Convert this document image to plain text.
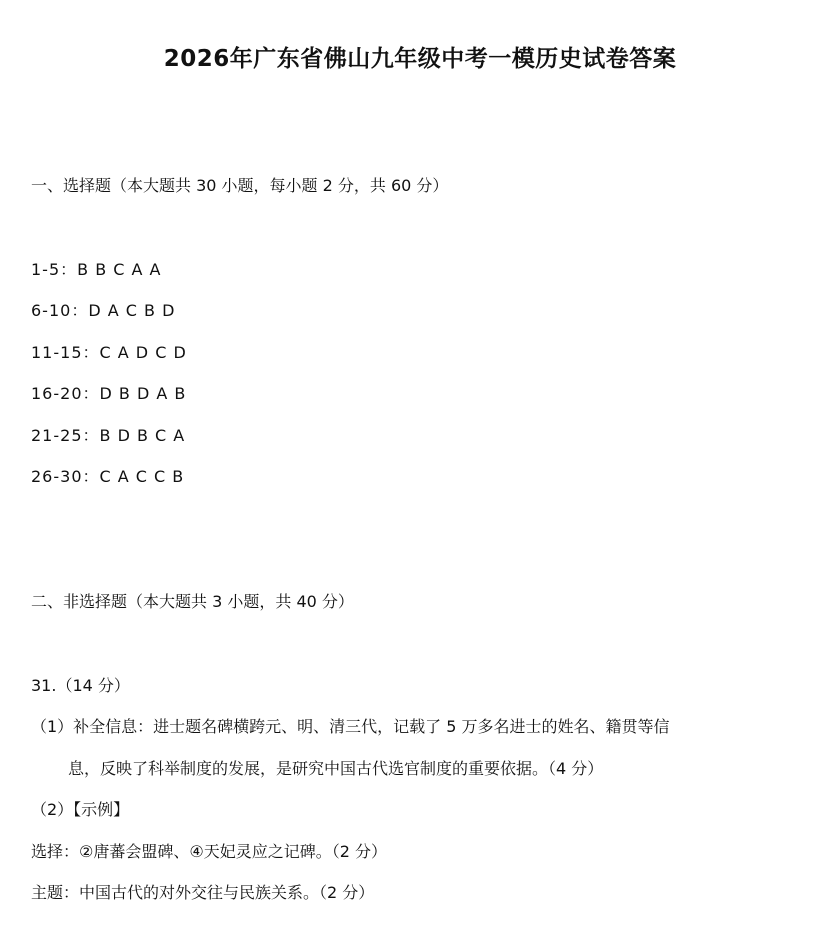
2026年广东省佛山九年级中考一模历史试卷答案
一、选择题（本大题共 30 小题，每小题 2 分，共 60 分）
1-5：B B C A A
6-10：D A C B D
11-15：C A D C D
16-20：D B D A B
21-25：B D B C A
26-30：C A C C B
二、非选择题（本大题共 3 小题，共 40 分）
31.（14 分）
（1）补全信息：进士题名碑横跨元、明、清三代，记载了 5 万多名进士的姓名、籍贯等信
息，反映了科举制度的发展，是研究中国古代选官制度的重要依据。（4 分）
（2）【示例】
选择：②唐蕃会盟碑、④天妃灵应之记碑。（2 分）
主题：中国古代的对外交往与民族关系。（2 分）
